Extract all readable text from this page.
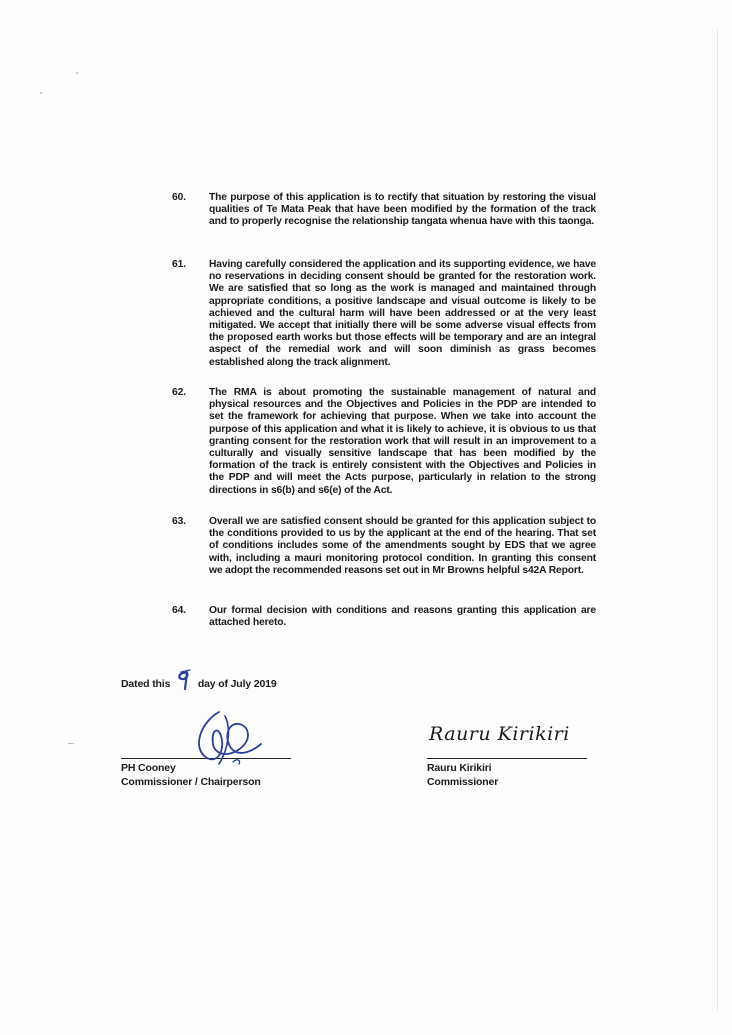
60.	The purpose of this application is to rectify that situation by restoring the visual qualities of Te Mata Peak that have been modified by the formation of the track and to properly recognise the relationship tangata whenua have with this taonga.
61.	Having carefully considered the application and its supporting evidence, we have no reservations in deciding consent should be granted for the restoration work. We are satisfied that so long as the work is managed and maintained through appropriate conditions, a positive landscape and visual outcome is likely to be achieved and the cultural harm will have been addressed or at the very least mitigated. We accept that initially there will be some adverse visual effects from the proposed earth works but those effects will be temporary and are an integral aspect of the remedial work and will soon diminish as grass becomes established along the track alignment.
62.	The RMA is about promoting the sustainable management of natural and physical resources and the Objectives and Policies in the PDP are intended to set the framework for achieving that purpose. When we take into account the purpose of this application and what it is likely to achieve, it is obvious to us that granting consent for the restoration work that will result in an improvement to a culturally and visually sensitive landscape that has been modified by the formation of the track is entirely consistent with the Objectives and Policies in the PDP and will meet the Acts purpose, particularly in relation to the strong directions in s6(b) and s6(e) of the Act.
63.	Overall we are satisfied consent should be granted for this application subject to the conditions provided to us by the applicant at the end of the hearing. That set of conditions includes some of the amendments sought by EDS that we agree with, including a mauri monitoring protocol condition. In granting this consent we adopt the recommended reasons set out in Mr Browns helpful s42A Report.
64.	Our formal decision with conditions and reasons granting this application are attached hereto.
Dated this	day of July 2019
PH Cooney
Commissioner / Chairperson
Rauru Kirikiri
Rauru Kirikiri
Commissioner
